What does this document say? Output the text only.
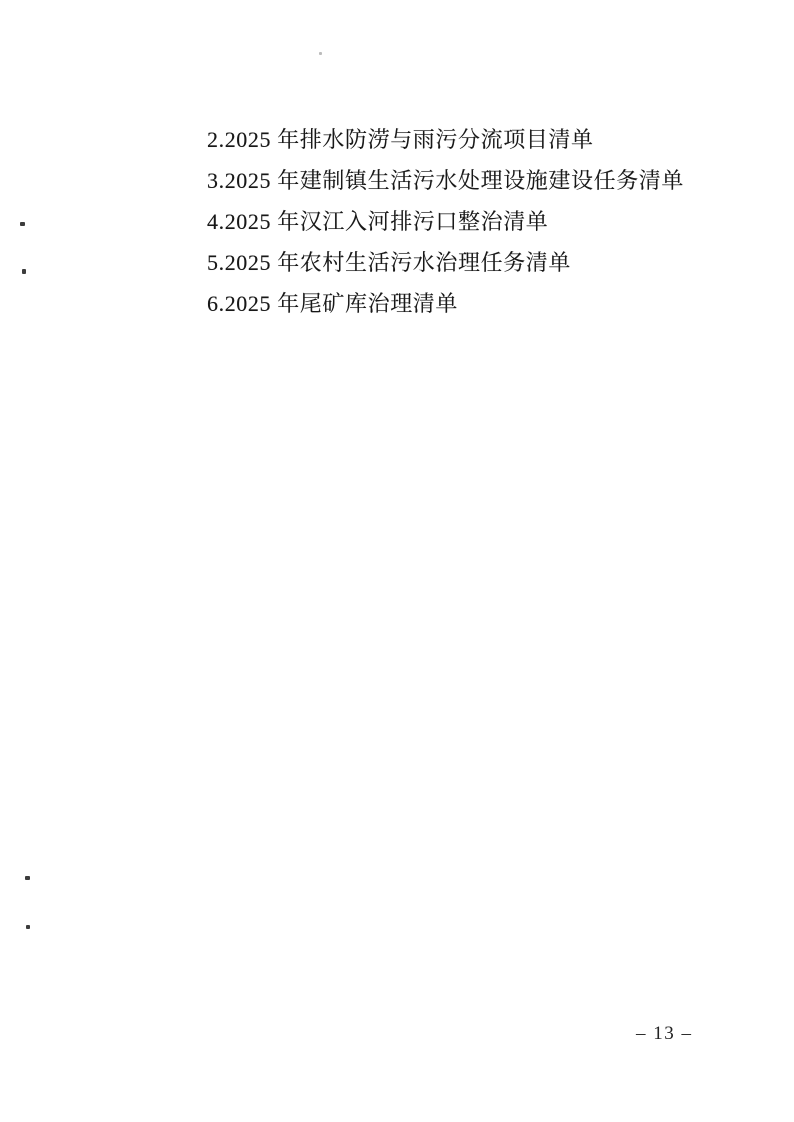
2.2025 年排水防涝与雨污分流项目清单
3.2025 年建制镇生活污水处理设施建设任务清单
4.2025 年汉江入河排污口整治清单
5.2025 年农村生活污水治理任务清单
6.2025 年尾矿库治理清单
– 13 –
